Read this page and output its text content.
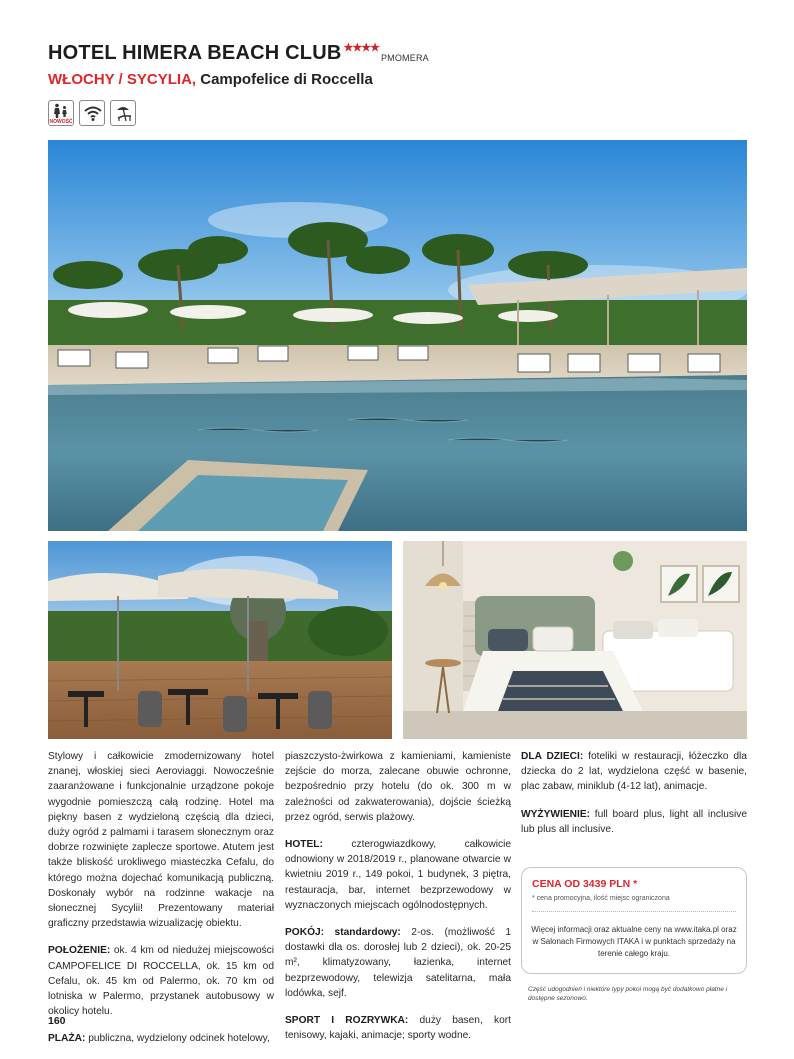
HOTEL HIMERA BEACH CLUB ★★★★PMOMERA
WŁOCHY / SYCYLIA, Campofelice di Roccella
NOWOŚĆ

Stylowy i całkowicie zmodernizowany hotel znanej, włoskiej sieci Aeroviaggi. Nowocześnie zaaranżowane i funkcjonalnie urządzone pokoje wygodnie pomieszczą całą rodzinę. Hotel ma piękny basen z wydzieloną częścią dla dzieci, duży ogród z palmami i tarasem słonecznym oraz dobrze rozwinięte zaplecze sportowe. Atutem jest także bliskość urokliwego miasteczka Cefalu, do którego można dojechać komunikacją publiczną. Doskonały wybór na rodzinne wakacje na słonecznej Sycylii! Prezentowany materiał graficzny przedstawia wizualizację obiektu.

POŁOŻENIE: ok. 4 km od niedużej miejscowości CAMPOFELICE DI ROCCELLA, ok. 15 km od Cefalu, ok. 45 km od Palermo, ok. 70 km od lotniska w Palermo, przystanek autobusowy w okolicy hotelu.

PLAŻA: publiczna, wydzielony odcinek hotelowy,

piaszczysto-żwirkowa z kamieniami, kamieniste zejście do morza, zalecane obuwie ochronne, bezpośrednio przy hotelu (do ok. 300 m w zależności od zakwaterowania), dojście ścieżką przez ogród, serwis plażowy.

HOTEL: czterogwiazdkowy, całkowicie odnowiony w 2018/2019 r., planowane otwarcie w kwietniu 2019 r., 149 pokoi, 1 budynek, 3 piętra, restauracja, bar, internet bezprzewodowy w wyznaczonych miejscach ogólnodostępnych.

POKÓJ: standardowy: 2-os. (możliwość 1 dostawki dla os. dorosłej lub 2 dzieci), ok. 20-25 m², klimatyzowany, łazienka, internet bezprzewodowy, telewizja satelitarna, mała lodówka, sejf.

SPORT I ROZRYWKA: duży basen, kort tenisowy, kajaki, animacje; sporty wodne.

DLA DZIECI: foteliki w restauracji, łóżeczko dla dziecka do 2 lat, wydzielona część w basenie, plac zabaw, miniklub (4-12 lat), animacje.

WYŻYWIENIE: full board plus, light all inclusive lub plus all inclusive.

CENA OD 3439 PLN *
* cena promocyjna, ilość miejsc ograniczona
Więcej informacji oraz aktualne ceny na www.itaka.pl oraz w Salonach Firmowych ITAKA i w punktach sprzedaży na terenie całego kraju.
Część udogodnień i niektóre typy pokoi mogą być dodatkowo płatne i dostępne sezonowo.
160
